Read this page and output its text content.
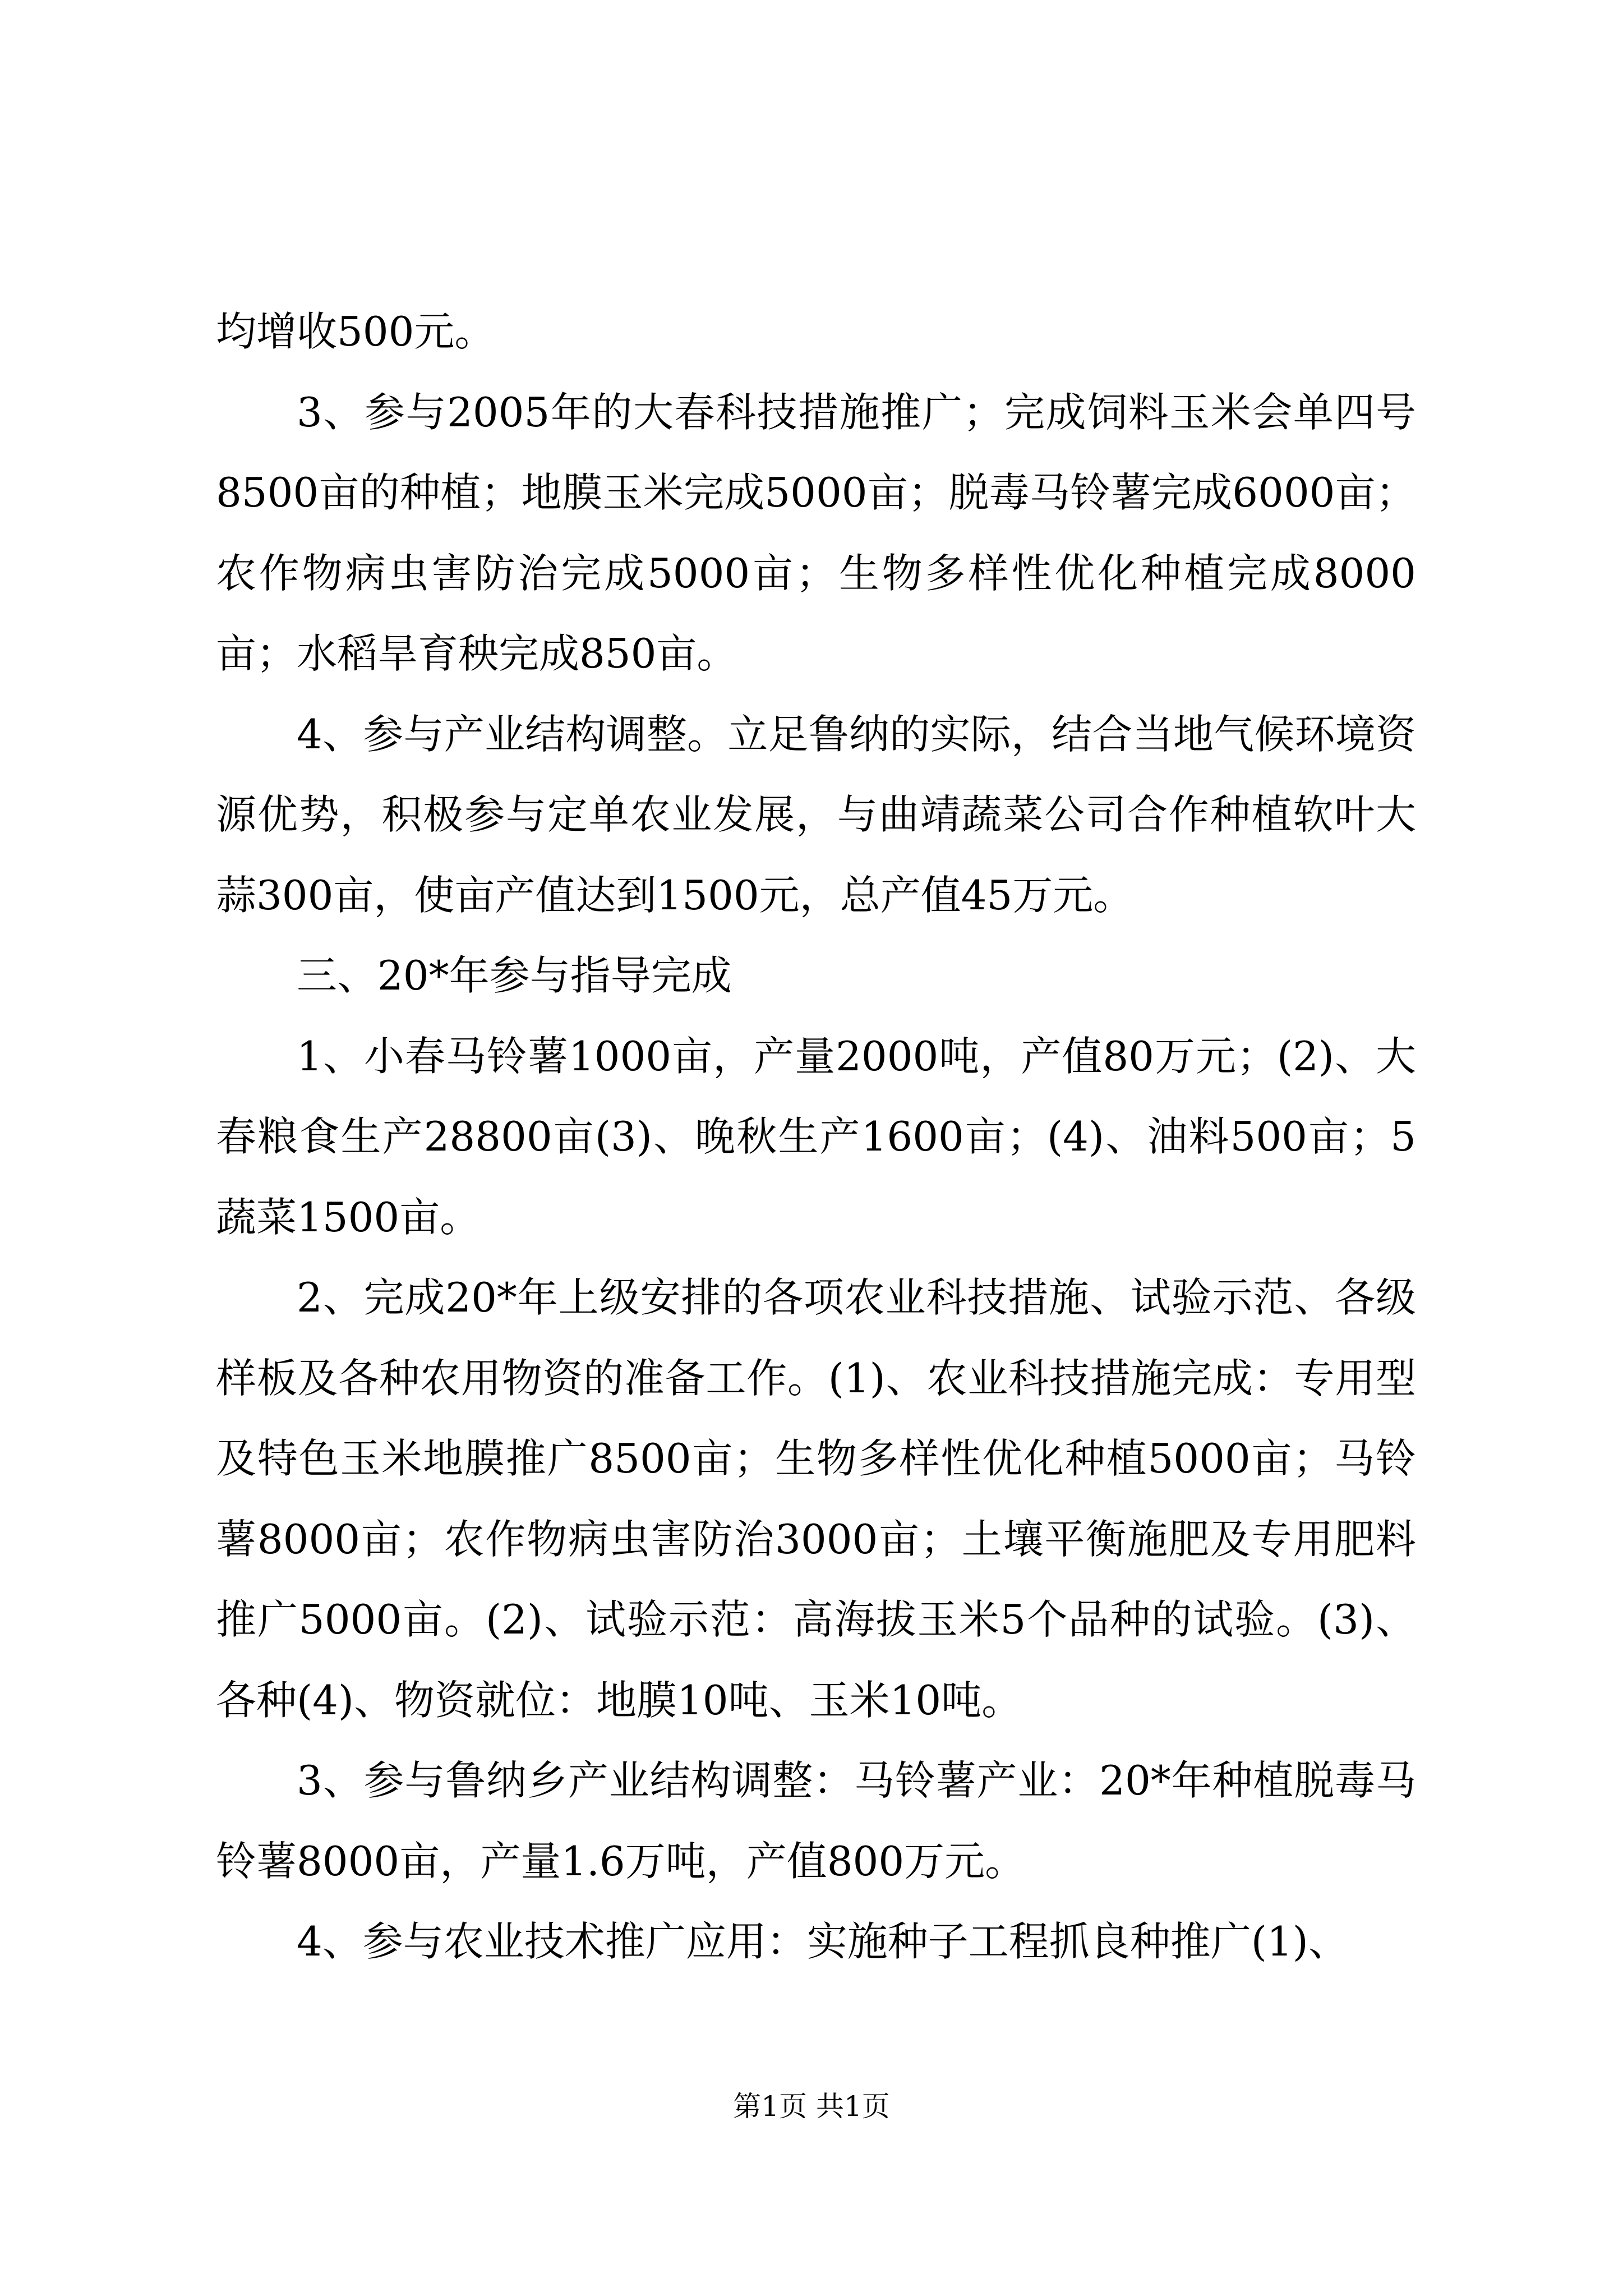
均增收500元。

3、参与2005年的大春科技措施推广；完成饲料玉米会单四号8500亩的种植；地膜玉米完成5000亩；脱毒马铃薯完成6000亩；农作物病虫害防治完成5000亩；生物多样性优化种植完成8000亩；水稻旱育秧完成850亩。

4、参与产业结构调整。立足鲁纳的实际，结合当地气候环境资源优势，积极参与定单农业发展，与曲靖蔬菜公司合作种植软叶大蒜300亩，使亩产值达到1500元，总产值45万元。

三、20*年参与指导完成

1、小春马铃薯1000亩，产量2000吨，产值80万元；(2)、大春粮食生产28800亩(3)、晚秋生产1600亩；(4)、油料500亩；5蔬菜1500亩。

2、完成20*年上级安排的各项农业科技措施、试验示范、各级样板及各种农用物资的准备工作。(1)、农业科技措施完成：专用型及特色玉米地膜推广8500亩；生物多样性优化种植5000亩；马铃薯8000亩；农作物病虫害防治3000亩；土壤平衡施肥及专用肥料推广5000亩。(2)、试验示范：高海拔玉米5个品种的试验。(3)、各种(4)、物资就位：地膜10吨、玉米10吨。

3、参与鲁纳乡产业结构调整：马铃薯产业：20*年种植脱毒马铃薯8000亩，产量1.6万吨，产值800万元。

4、参与农业技术推广应用：实施种子工程抓良种推广(1)、

第1页 共1页
